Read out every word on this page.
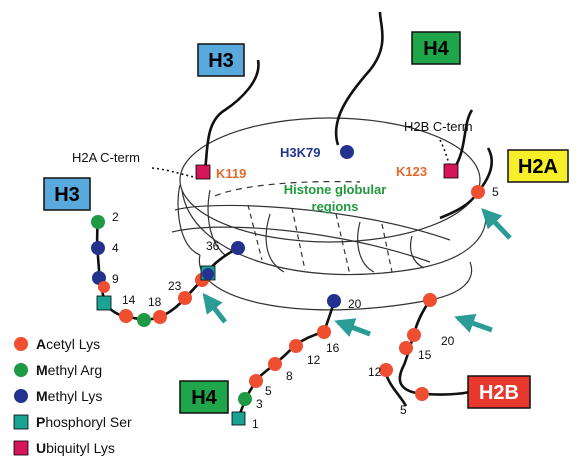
2
4
9
14 18
23
36
20
16
12
8
5
3
1
5
20
15
12
5
H3
H4
H2A
H3
H4	H2B
H2A C-term
H2B C-term
H3K79
K119	K123
Histone globular
regions
Acetyl Lys
Methyl Arg
Methyl Lys
Phosphoryl Ser
Ubiquityl Lys
